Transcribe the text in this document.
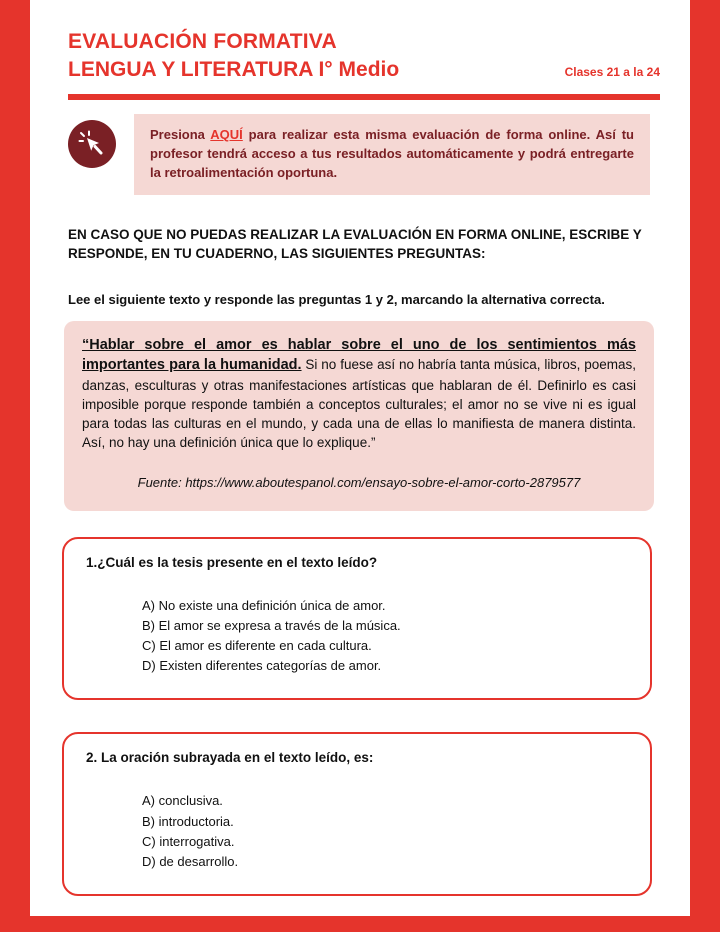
EVALUACIÓN FORMATIVA
LENGUA Y LITERATURA I° Medio	Clases 21 a la 24
Presiona AQUÍ para realizar esta misma evaluación de forma online. Así tu profesor tendrá acceso a tus resultados automáticamente y podrá entregarte la retroalimentación oportuna.

EN CASO QUE NO PUEDAS REALIZAR LA EVALUACIÓN EN FORMA ONLINE, ESCRIBE Y RESPONDE, EN TU CUADERNO, LAS SIGUIENTES PREGUNTAS:

Lee el siguiente texto y responde las preguntas 1 y 2, marcando la alternativa correcta.

“Hablar sobre el amor es hablar sobre el uno de los sentimientos más importantes para la humanidad. Si no fuese así no habría tanta música, libros, poemas, danzas, esculturas y otras manifestaciones artísticas que hablaran de él. Definirlo es casi imposible porque responde también a conceptos culturales; el amor no se vive ni es igual para todas las culturas en el mundo, y cada una de ellas lo manifiesta de manera distinta. Así, no hay una definición única que lo explique.”

Fuente: https://www.aboutespanol.com/ensayo-sobre-el-amor-corto-2879577

1.¿Cuál es la tesis presente en el texto leído?

A) No existe una definición única de amor.

B) El amor se expresa a través de la música.

C) El amor es diferente en cada cultura.

D) Existen diferentes categorías de amor.

2. La oración subrayada en el texto leído, es:

A) conclusiva.

B) introductoria.

C) interrogativa.

D) de desarrollo.
